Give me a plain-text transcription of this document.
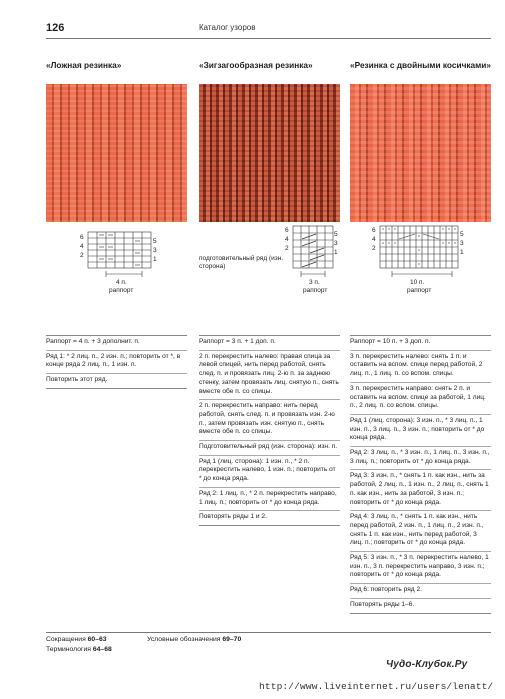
126	Каталог узоров
«Ложная резинка»
6
4
2
5
3
1
4 п.
раппорт
«Зигзагообразная резинка»
6
4
2
5
3
1
подготовительный ряд (изн. сторона)
3 п.
раппорт
«Резинка с двойными косичками»
6
4
2
5
3
1
10 п.
раппорт

Раппорт = 4 п. + 3 дополнит. п.

Ряд 1: * 2 лиц. п., 2 изн. п.; повторить от *, в конце ряда 2 лиц. п., 1 изн. п.

Повторить этот ряд.

Раппорт = 3 п. + 1 доп. п.

2 п. перекрестить налево: правая спица за левой спицей, нить перед работой, снять след. п. и провязать лиц. 2-ю п. за заднюю стенку, затем провязать лиц. снятую п., снять вместе обе п. со спицы.

2 п. перекрестить направо: нить перед работой, снять след. п. и провязать изн. 2-ю п., затем провязать изн. снятую п., снять вместе обе п. со спицы.

Подготовительный ряд (изн. сторона): изн. п.

Ряд 1 (лиц. сторона): 1 изн. п., * 2 п. перекрестить налево, 1 изн. п.; повторить от * до конца ряда.

Ряд 2: 1 лиц. п., * 2 п. перекрестить направо, 1 лиц. п.; повторить от * до конца ряда.

Повторять ряды 1 и 2.

Раппорт = 10 п. + 3 доп. п.

3 п. перекрестить налево: снять 1 п. и оставить на вспом. спице перед работой, 2 лиц. п., 1 лиц. п. со вспом. спицы.

3 п. перекрестить направо: снять 2 п. и оставить на вспом. спице за работой, 1 лиц. п., 2 лиц. п. со вспом. спицы.

Ряд 1 (лиц. сторона): 3 изн. п., * 3 лиц. п., 1 изн. п., 3 лиц. п., 3 изн. п.; повторить от * до конца ряда.

Ряд 2: 3 лиц. п., * 3 изн. п., 1 лиц. п., 3 изн. п., 3 лиц. п.; повторить от * до конца ряда.

Ряд 3: 3 изн. п., * снять 1 п. как изн., нить за работой, 2 лиц. п., 1 изн. п., 2 лиц. п., снять 1 п. как изн., нить за работой, 3 изн. п.; повторить от * до конца ряда.

Ряд 4: 3 лиц. п., * снять 1 п. как изн., нить перед работой, 2 изн. п., 1 лиц. п., 2 изн. п., снять 1 п. как изн., нить перед работой, 3 лиц. п.; повторить от * до конца ряда.

Ряд 5: 3 изн. п., * 3 п. перекрестить налево, 1 изн. п., 3 п. перекрестить направо, 3 изн. п.; повторить от * до конца ряда.

Ряд 6: повторить ряд 2.

Повторять ряды 1–6.

Сокращения 60–63
Терминология 64–68
Условные обозначения 69–70
Чудо-Клубок.Ру
http://www.liveinternet.ru/users/lenatt/
